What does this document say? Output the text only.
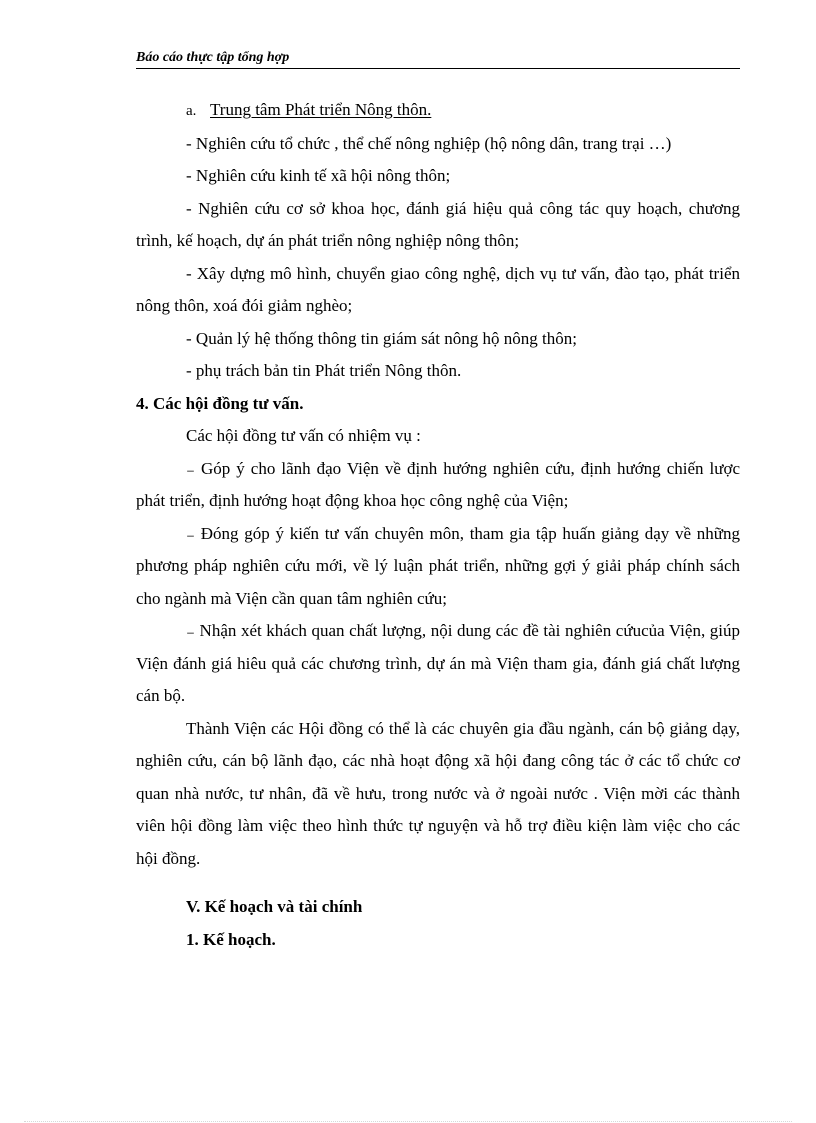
Báo cáo thực tập tổng hợp

a. Trung tâm Phát triển Nông thôn.

- Nghiên cứu tổ chức , thể chế nông nghiệp (hộ nông dân, trang trại …)

- Nghiên cứu kinh tế xã hội nông thôn;

- Nghiên cứu cơ sở khoa học, đánh giá hiệu quả công tác quy hoạch, chương trình, kế hoạch, dự án phát triển nông nghiệp nông thôn;

- Xây dựng mô hình, chuyển giao công nghệ, dịch vụ tư vấn, đào tạo, phát triển nông thôn, xoá đói giảm nghèo;

- Quản lý hệ thống thông tin giám sát nông hộ nông thôn;

- phụ trách bản tin Phát triển Nông thôn.

4. Các hội đồng tư vấn.

Các hội đồng tư vấn có nhiệm vụ :

₋ Góp ý cho lãnh đạo Viện về định hướng nghiên cứu, định hướng chiến lược phát triển, định hướng hoạt động khoa học công nghệ của Viện;

₋ Đóng góp ý kiến tư vấn chuyên môn, tham gia tập huấn giảng dạy về những phương pháp nghiên cứu mới, về lý luận phát triển, những gợi ý giải pháp chính sách cho ngành mà Viện cần quan tâm nghiên cứu;

₋ Nhận xét khách quan chất lượng, nội dung các đề tài nghiên cứucủa Viện, giúp Viện đánh giá hiêu quả các chương trình, dự án mà Viện tham gia, đánh giá chất lượng cán bộ.

Thành Viện các Hội đồng có thể là các chuyên gia đầu ngành, cán bộ giảng dạy, nghiên cứu, cán bộ lãnh đạo, các nhà hoạt động xã hội đang công tác ở các tổ chức cơ quan nhà nước, tư nhân, đã về hưu, trong nước và ở ngoài nước . Viện mời các thành viên hội đồng làm việc theo hình thức tự nguyện và hỗ trợ điều kiện làm việc cho các hội đồng.

V. Kế hoạch và tài chính

1. Kế hoạch.
